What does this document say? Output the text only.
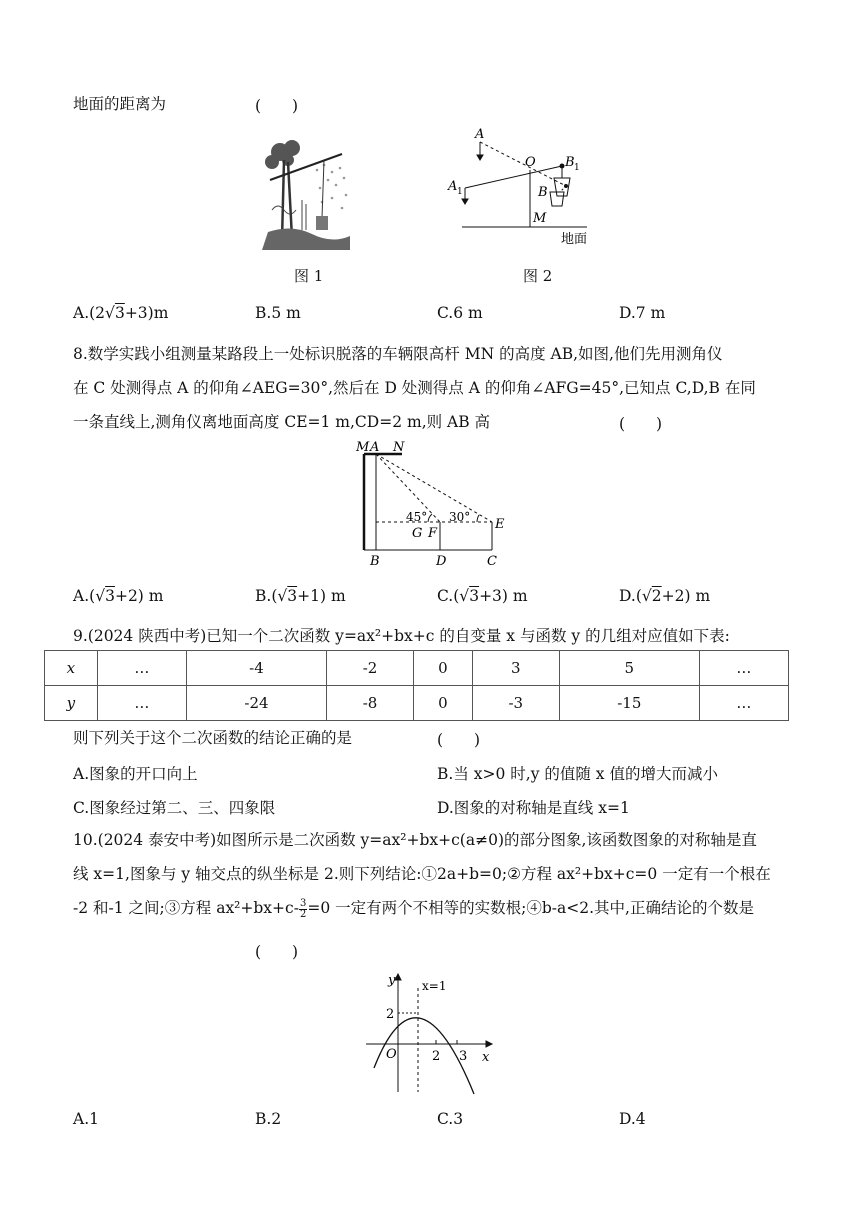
地面的距离为	(　　)
图 1
A
O B 1
A 1	B
M
地面
图 2
A.(2√3+3)m	B.5 m	C.6 m	D.7 m
8.数学实践小组测量某路段上一处标识脱落的车辆限高杆 MN 的高度 AB,如图,他们先用测角仪
在 C 处测得点 A 的仰角∠AEG=30°,然后在 D 处测得点 A 的仰角∠AFG=45°,已知点 C,D,B 在同
一条直线上,测角仪离地面高度 CE=1 m,CD=2 m,则 AB 高	(　　)
M A N
45° 30°
G F
E
B	D	C
A.(√3+2) m	B.(√3+1) m	C.(√3+3) m	D.(√2+2) m
9.(2024 陕西中考)已知一个二次函数 y=ax²+bx+c 的自变量 x 与函数 y 的几组对应值如下表:
x	…	-4	-2	0	3	5	…
y	…	-24	-8	0	-3	-15	…
则下列关于这个二次函数的结论正确的是	(　　)
A.图象的开口向上	B.当 x>0 时,y 的值随 x 值的增大而减小
C.图象经过第二、三、四象限	D.图象的对称轴是直线 x=1
10.(2024 泰安中考)如图所示是二次函数 y=ax²+bx+c(a≠0)的部分图象,该函数图象的对称轴是直
线 x=1,图象与 y 轴交点的纵坐标是 2.则下列结论:①2a+b=0;②方程 ax²+bx+c=0 一定有一个根在
-2 和-1 之间;③方程 $ax^2+bx+c- \frac{3}{2} =0$ 一定有两个不相等的实数根;④b-a<2.其中,正确结论的个数是
(　　)
y
x
O
2
2 3
x=1
A.1	B.2	C.3	D.4
